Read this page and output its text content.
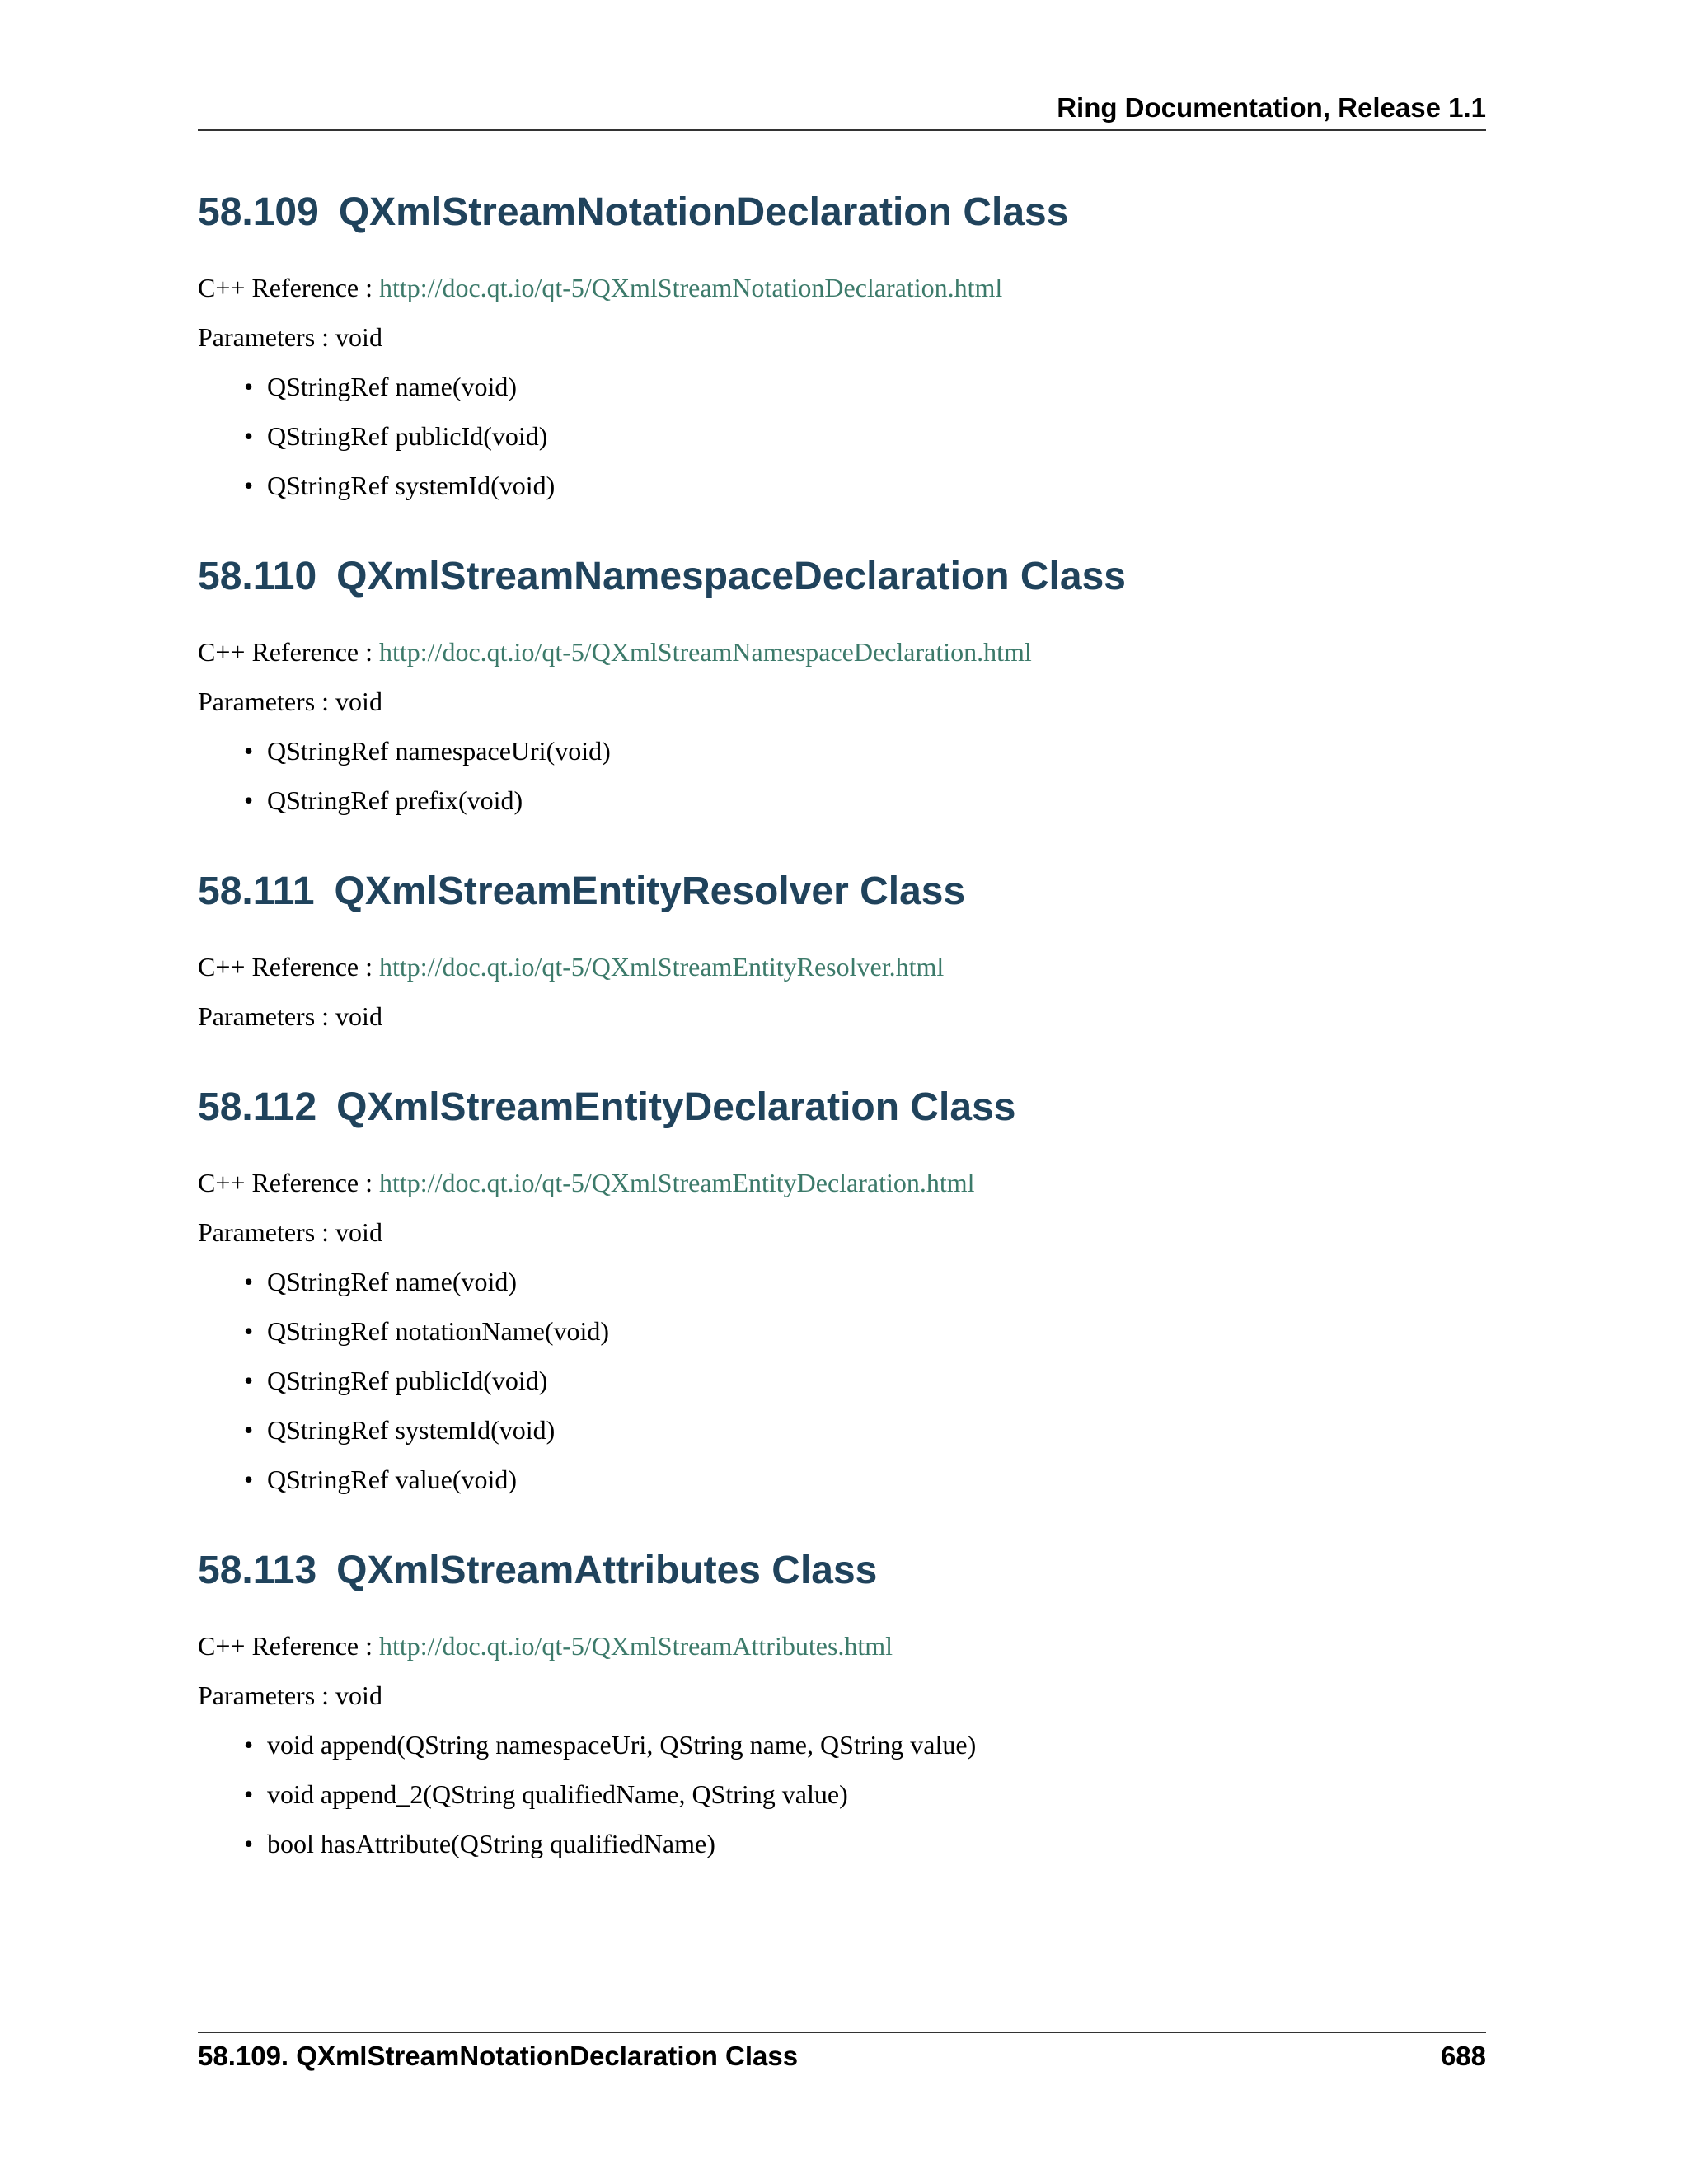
Ring Documentation, Release 1.1
58.109 QXmlStreamNotationDeclaration Class

C++ Reference : http://doc.qt.io/qt-5/QXmlStreamNotationDeclaration.html

Parameters : void

• QStringRef name(void)
• QStringRef publicId(void)
• QStringRef systemId(void)
58.110 QXmlStreamNamespaceDeclaration Class

C++ Reference : http://doc.qt.io/qt-5/QXmlStreamNamespaceDeclaration.html

Parameters : void

• QStringRef namespaceUri(void)
• QStringRef prefix(void)
58.111 QXmlStreamEntityResolver Class

C++ Reference : http://doc.qt.io/qt-5/QXmlStreamEntityResolver.html

Parameters : void

58.112 QXmlStreamEntityDeclaration Class

C++ Reference : http://doc.qt.io/qt-5/QXmlStreamEntityDeclaration.html

Parameters : void

• QStringRef name(void)
• QStringRef notationName(void)
• QStringRef publicId(void)
• QStringRef systemId(void)
• QStringRef value(void)
58.113 QXmlStreamAttributes Class

C++ Reference : http://doc.qt.io/qt-5/QXmlStreamAttributes.html

Parameters : void

• void append(QString namespaceUri, QString name, QString value)
• void append_2(QString qualifiedName, QString value)
• bool hasAttribute(QString qualifiedName)
58.109. QXmlStreamNotationDeclaration Class	688
